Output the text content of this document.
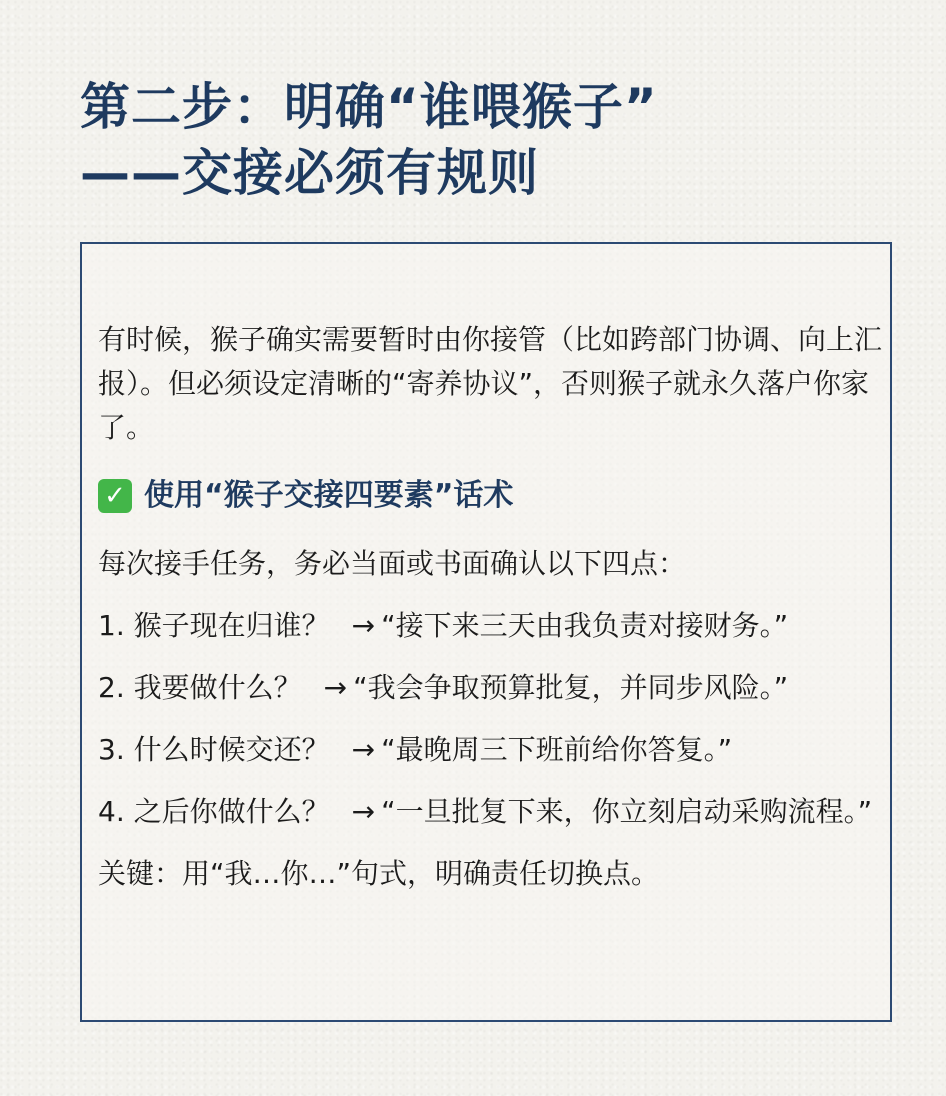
第二步：明确“谁喂猴子”
——交接必须有规则

有时候，猴子确实需要暂时由你接管（比如跨部门协调、向上汇报）。但必须设定清晰的“寄养协议”，否则猴子就永久落户你家了。

✓ 使用“猴子交接四要素”话术

每次接手任务，务必当面或书面确认以下四点：

1. 猴子现在归谁？ → “接下来三天由我负责对接财务。”

2. 我要做什么？ → “我会争取预算批复，并同步风险。”

3. 什么时候交还？ → “最晚周三下班前给你答复。”

4. 之后你做什么？ → “一旦批复下来，你立刻启动采购流程。”

关键：用“我…你…”句式，明确责任切换点。
